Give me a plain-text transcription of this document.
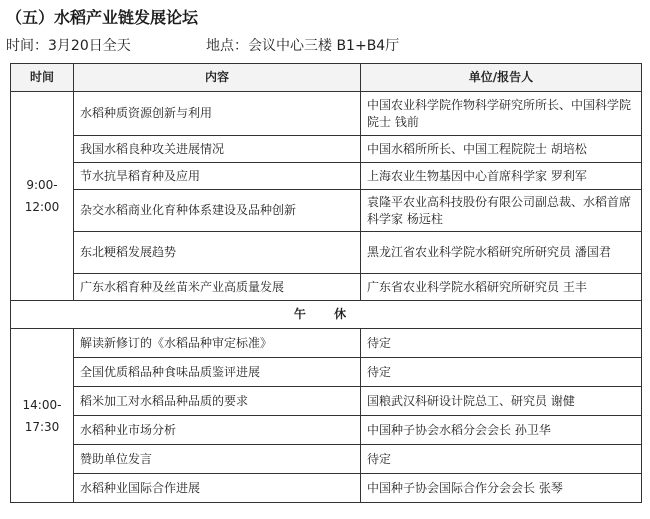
（五）水稻产业链发展论坛
时间：3月20日全天	地点：会议中心三楼 B1+B4厅
时间	内容	单位/报告人

9:00-
12:00	水稻种质资源创新与利用	中国农业科学院作物科学研究所所长、中国科学院院士 钱前
	我国水稻良种攻关进展情况	中国水稻所所长、中国工程院院士 胡培松
	节水抗旱稻育种及应用	上海农业生物基因中心首席科学家 罗利军
	杂交水稻商业化育种体系建设及品种创新	袁隆平农业高科技股份有限公司副总裁、水稻首席科学家 杨远柱
	东北粳稻发展趋势	黑龙江省农业科学院水稻研究所研究员 潘国君
	广东水稻育种及丝苗米产业高质量发展	广东省农业科学院水稻研究所研究员 王丰
午 休		

14:00-
17:30	解读新修订的《水稻品种审定标准》	待定
	全国优质稻品种食味品质鉴评进展	待定
	稻米加工对水稻品种品质的要求	国粮武汉科研设计院总工、研究员 谢健
	水稻种业市场分析	中国种子协会水稻分会会长 孙卫华
	赞助单位发言	待定
	水稻种业国际合作进展	中国种子协会国际合作分会会长 张琴
